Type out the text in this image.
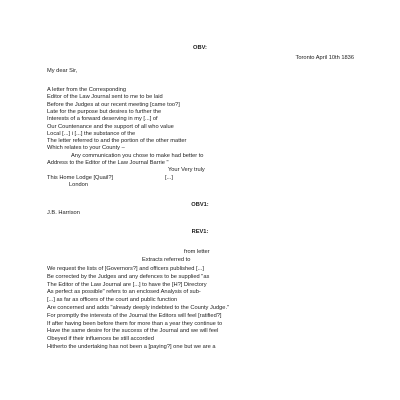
OBV:
Toronto April 10th 1836
My dear Sir,
A letter from the Corresponding
Editor of the Law Journal sent to me to be laid
Before the Judges at our recent meeting [came too?]
Late for the purpose but desires to further the
Interests of a forward deserving in my [...] of
Our Countenance and the support of all who value
Local [...] i [...] the substance of the
The letter referred to and the portion of the other matter
Which relates to your County –
Any communication you chose to make had better to
Address to the Editor of the Law Journal Barrie "
Your Very truly
This Home Lodge [Quail?]	[...]
London
OBV1:
J.B. Harrison
REV1:
from letter
Extracts referred to
We request the lists of [Governors?] and officers published [...]
Be corrected by the Judges and any defences to be supplied "as
The Editor of the Law Journal are [...] to have the [H?] Directory
As perfect as possible" refers to an enclosed Analysis of sub-
[...] as far as officers of the court and public function
Are concerned and adds "already deeply indebted to the County Judge."
For promptly the interests of the Journal the Editors will feel [ratified?]
If after having been before them for more than a year they continue to
Have the same desire for the success of the Journal and we will feel
Obeyed if their influences be still accorded
Hitherto the undertaking has not been a [paying?] one but we are a
